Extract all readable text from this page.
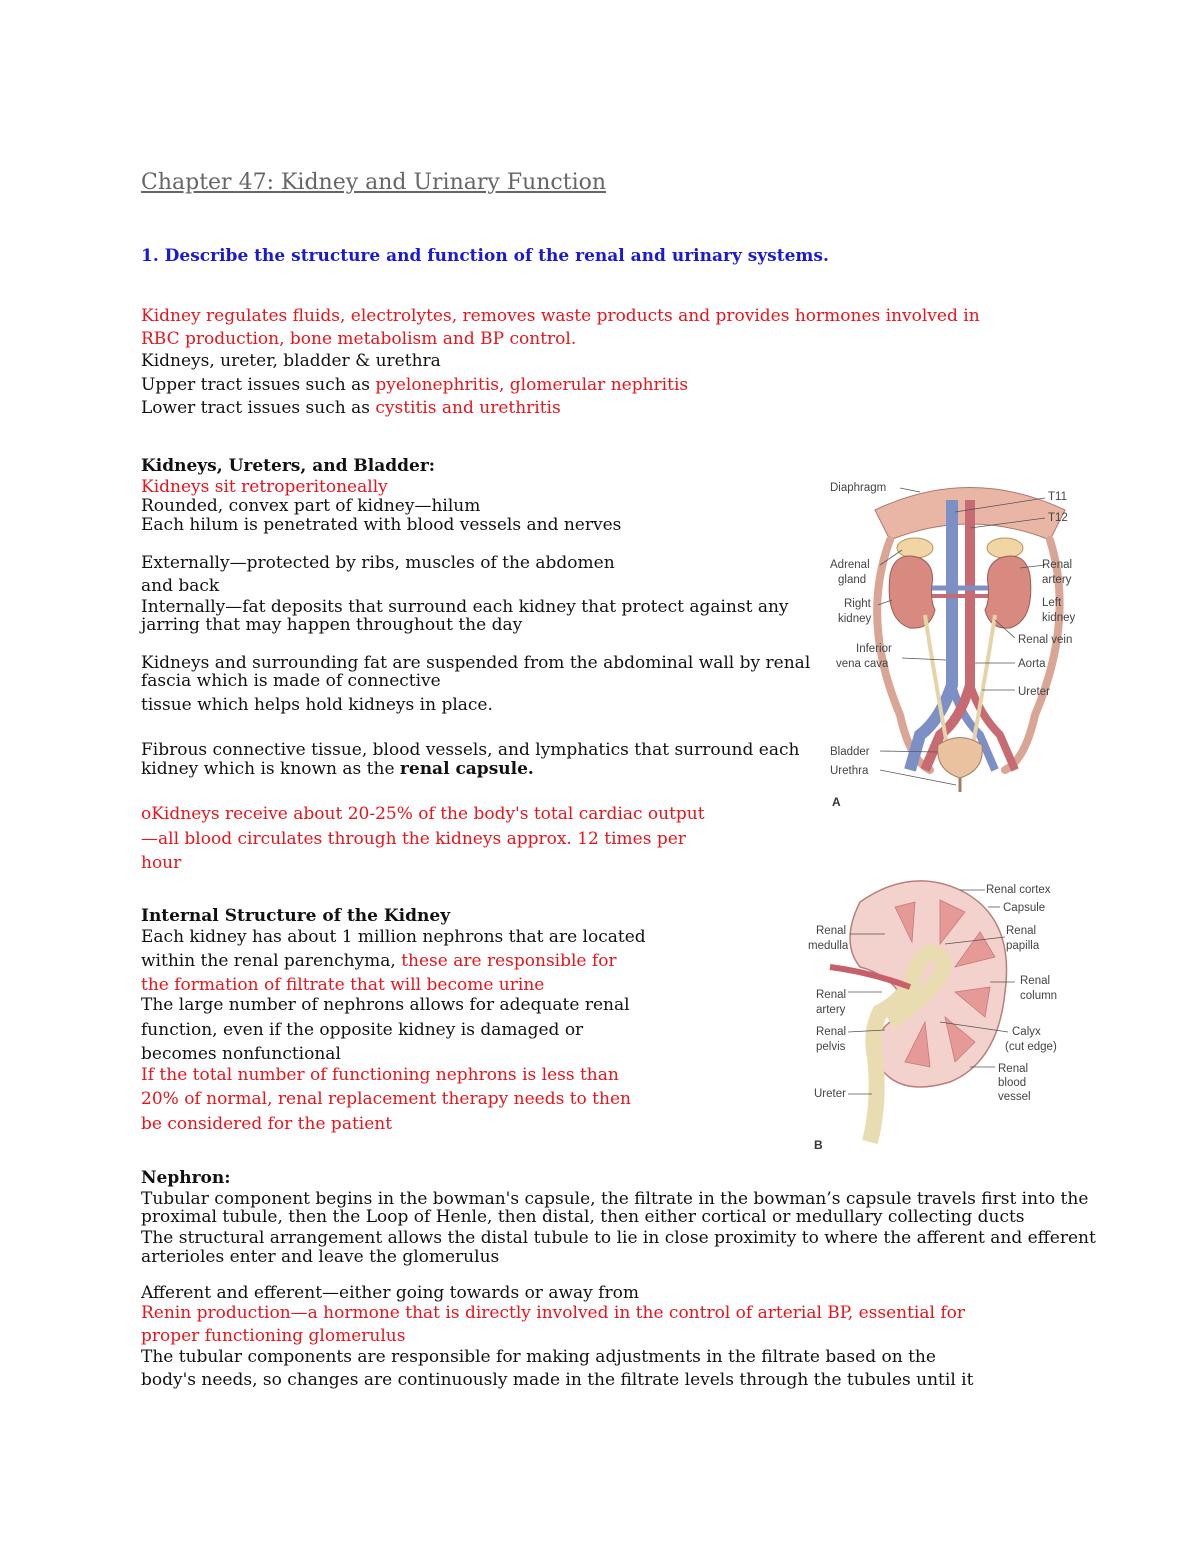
Chapter 47: Kidney and Urinary Function
1. Describe the structure and function of the renal and urinary systems.
Kidney regulates fluids, electrolytes, removes waste products and provides hormones involved in
RBC production, bone metabolism and BP control.
Kidneys, ureter, bladder & urethra
Upper tract issues such as pyelonephritis, glomerular nephritis
Lower tract issues such as cystitis and urethritis
Kidneys, Ureters, and Bladder:
Kidneys sit retroperitoneally
Rounded, convex part of kidney—hilum
Each hilum is penetrated with blood vessels and nerves
Externally—protected by ribs, muscles of the abdomen
and back
Internally—fat deposits that surround each kidney that protect against any
jarring that may happen throughout the day
Kidneys and surrounding fat are suspended from the abdominal wall by renal
fascia which is made of connective
tissue which helps hold kidneys in place.
Fibrous connective tissue, blood vessels, and lymphatics that surround each
kidney which is known as the renal capsule.
oKidneys receive about 20-25% of the body's total cardiac output
—all blood circulates through the kidneys approx. 12 times per
hour
Internal Structure of the Kidney
Each kidney has about 1 million nephrons that are located
within the renal parenchyma, these are responsible for
the formation of filtrate that will become urine
The large number of nephrons allows for adequate renal
function, even if the opposite kidney is damaged or
becomes nonfunctional
If the total number of functioning nephrons is less than
20% of normal, renal replacement therapy needs to then
be considered for the patient
Nephron:
Tubular component begins in the bowman's capsule, the filtrate in the bowman’s capsule travels first into the
proximal tubule, then the Loop of Henle, then distal, then either cortical or medullary collecting ducts
The structural arrangement allows the distal tubule to lie in close proximity to where the afferent and efferent
arterioles enter and leave the glomerulus
Afferent and efferent—either going towards or away from
Renin production—a hormone that is directly involved in the control of arterial BP, essential for
proper functioning glomerulus
The tubular components are responsible for making adjustments in the filtrate based on the
body's needs, so changes are continuously made in the filtrate levels through the tubules until it
Diaphragm
T11
T12
Adrenal
gland
Renal
artery
Right
kidney
Left
kidney
Renal vein
Inferior
vena cava	Aorta
Ureter
Bladder
Urethra
A
Renal cortex
Capsule
Renal
medulla
Renal
papilla
Renal
column
Renal
artery
Renal
pelvis
Calyx
(cut edge)
Renal
blood
vessel
Ureter
B
